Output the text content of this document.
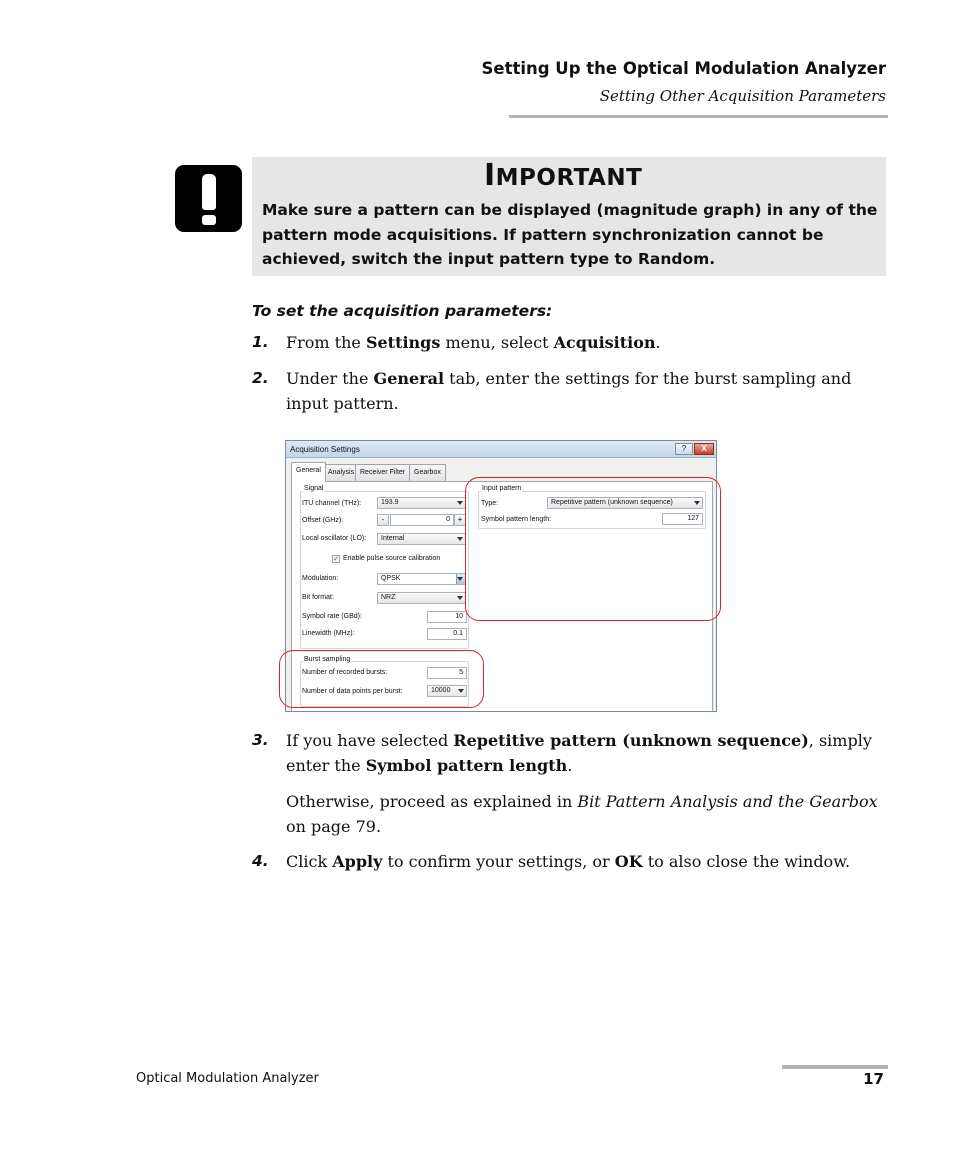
Setting Up the Optical Modulation Analyzer
Setting Other Acquisition Parameters
IMPORTANT
Make sure a pattern can be displayed (magnitude graph) in any of the pattern mode acquisitions. If pattern synchronization cannot be achieved, switch the input pattern type to Random.
To set the acquisition parameters:
1. From the Settings menu, select Acquisition.
2. Under the General tab, enter the settings for the burst sampling and input pattern.
Acquisition Settings	?	X
General	Analysis Receiver Filter	Gearbox
Signal
ITU channel (THz):	193.9
Offset (GHz):	-	0 +
Local oscillator (LO):	Internal
✓ Enable pulse source calibration
Modulation:	QPSK
Bit format:	NRZ
Symbol rate (GBd):	10
Linewidth (MHz):	0.1
Burst sampling
Number of recorded bursts:	5
Number of data points per burst:	10000
Input pattern
Type:	Repetitive pattern (unknown sequence)
Symbol pattern length:	127
3. If you have selected Repetitive pattern (unknown sequence), simply enter the Symbol pattern length.
Otherwise, proceed as explained in Bit Pattern Analysis and the Gearbox on page 79.
4. Click Apply to confirm your settings, or OK to also close the window.
Optical Modulation Analyzer	17
